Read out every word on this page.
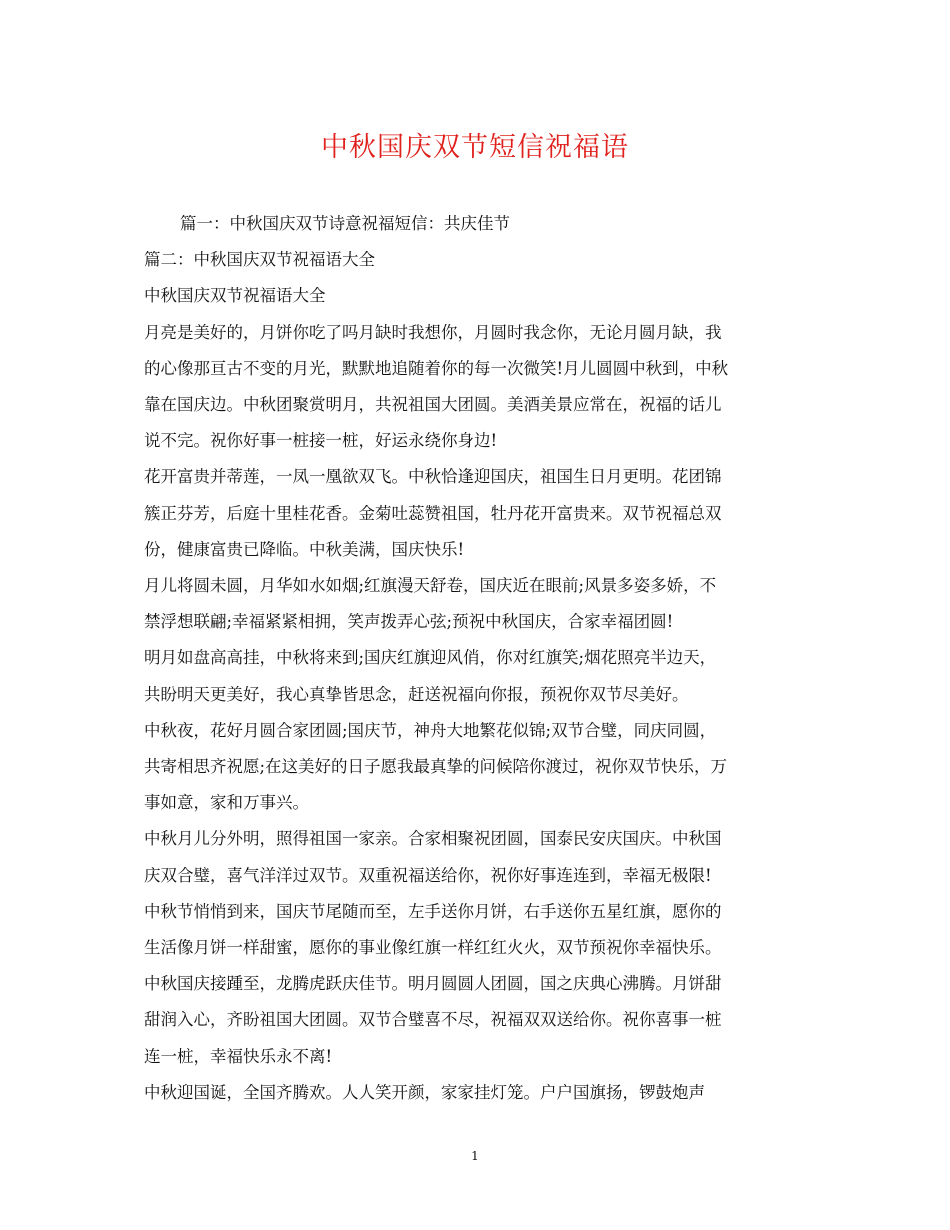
中秋国庆双节短信祝福语

篇一：中秋国庆双节诗意祝福短信：共庆佳节

篇二：中秋国庆双节祝福语大全

中秋国庆双节祝福语大全

月亮是美好的，月饼你吃了吗月缺时我想你，月圆时我念你，无论月圆月缺，我

的心像那亘古不变的月光，默默地追随着你的每一次微笑!月儿圆圆中秋到，中秋

靠在国庆边。中秋团聚赏明月，共祝祖国大团圆。美酒美景应常在，祝福的话儿

说不完。祝你好事一桩接一桩，好运永绕你身边!

花开富贵并蒂莲，一凤一凰欲双飞。中秋恰逢迎国庆，祖国生日月更明。花团锦

簇正芬芳，后庭十里桂花香。金菊吐蕊赞祖国，牡丹花开富贵来。双节祝福总双

份，健康富贵已降临。中秋美满，国庆快乐!

月儿将圆未圆，月华如水如烟;红旗漫天舒卷，国庆近在眼前;风景多姿多娇，不

禁浮想联翩;幸福紧紧相拥，笑声拨弄心弦;预祝中秋国庆，合家幸福团圆!

明月如盘高高挂，中秋将来到;国庆红旗迎风俏，你对红旗笑;烟花照亮半边天，

共盼明天更美好，我心真挚皆思念，赶送祝福向你报，预祝你双节尽美好。

中秋夜，花好月圆合家团圆;国庆节，神舟大地繁花似锦;双节合璧，同庆同圆，

共寄相思齐祝愿;在这美好的日子愿我最真挚的问候陪你渡过，祝你双节快乐，万

事如意，家和万事兴。

中秋月儿分外明，照得祖国一家亲。合家相聚祝团圆，国泰民安庆国庆。中秋国

庆双合璧，喜气洋洋过双节。双重祝福送给你，祝你好事连连到，幸福无极限!

中秋节悄悄到来，国庆节尾随而至，左手送你月饼，右手送你五星红旗，愿你的

生活像月饼一样甜蜜，愿你的事业像红旗一样红红火火，双节预祝你幸福快乐。

中秋国庆接踵至，龙腾虎跃庆佳节。明月圆圆人团圆，国之庆典心沸腾。月饼甜

甜润入心，齐盼祖国大团圆。双节合璧喜不尽，祝福双双送给你。祝你喜事一桩

连一桩，幸福快乐永不离!

中秋迎国诞，全国齐腾欢。人人笑开颜，家家挂灯笼。户户国旗扬，锣鼓炮声

1
